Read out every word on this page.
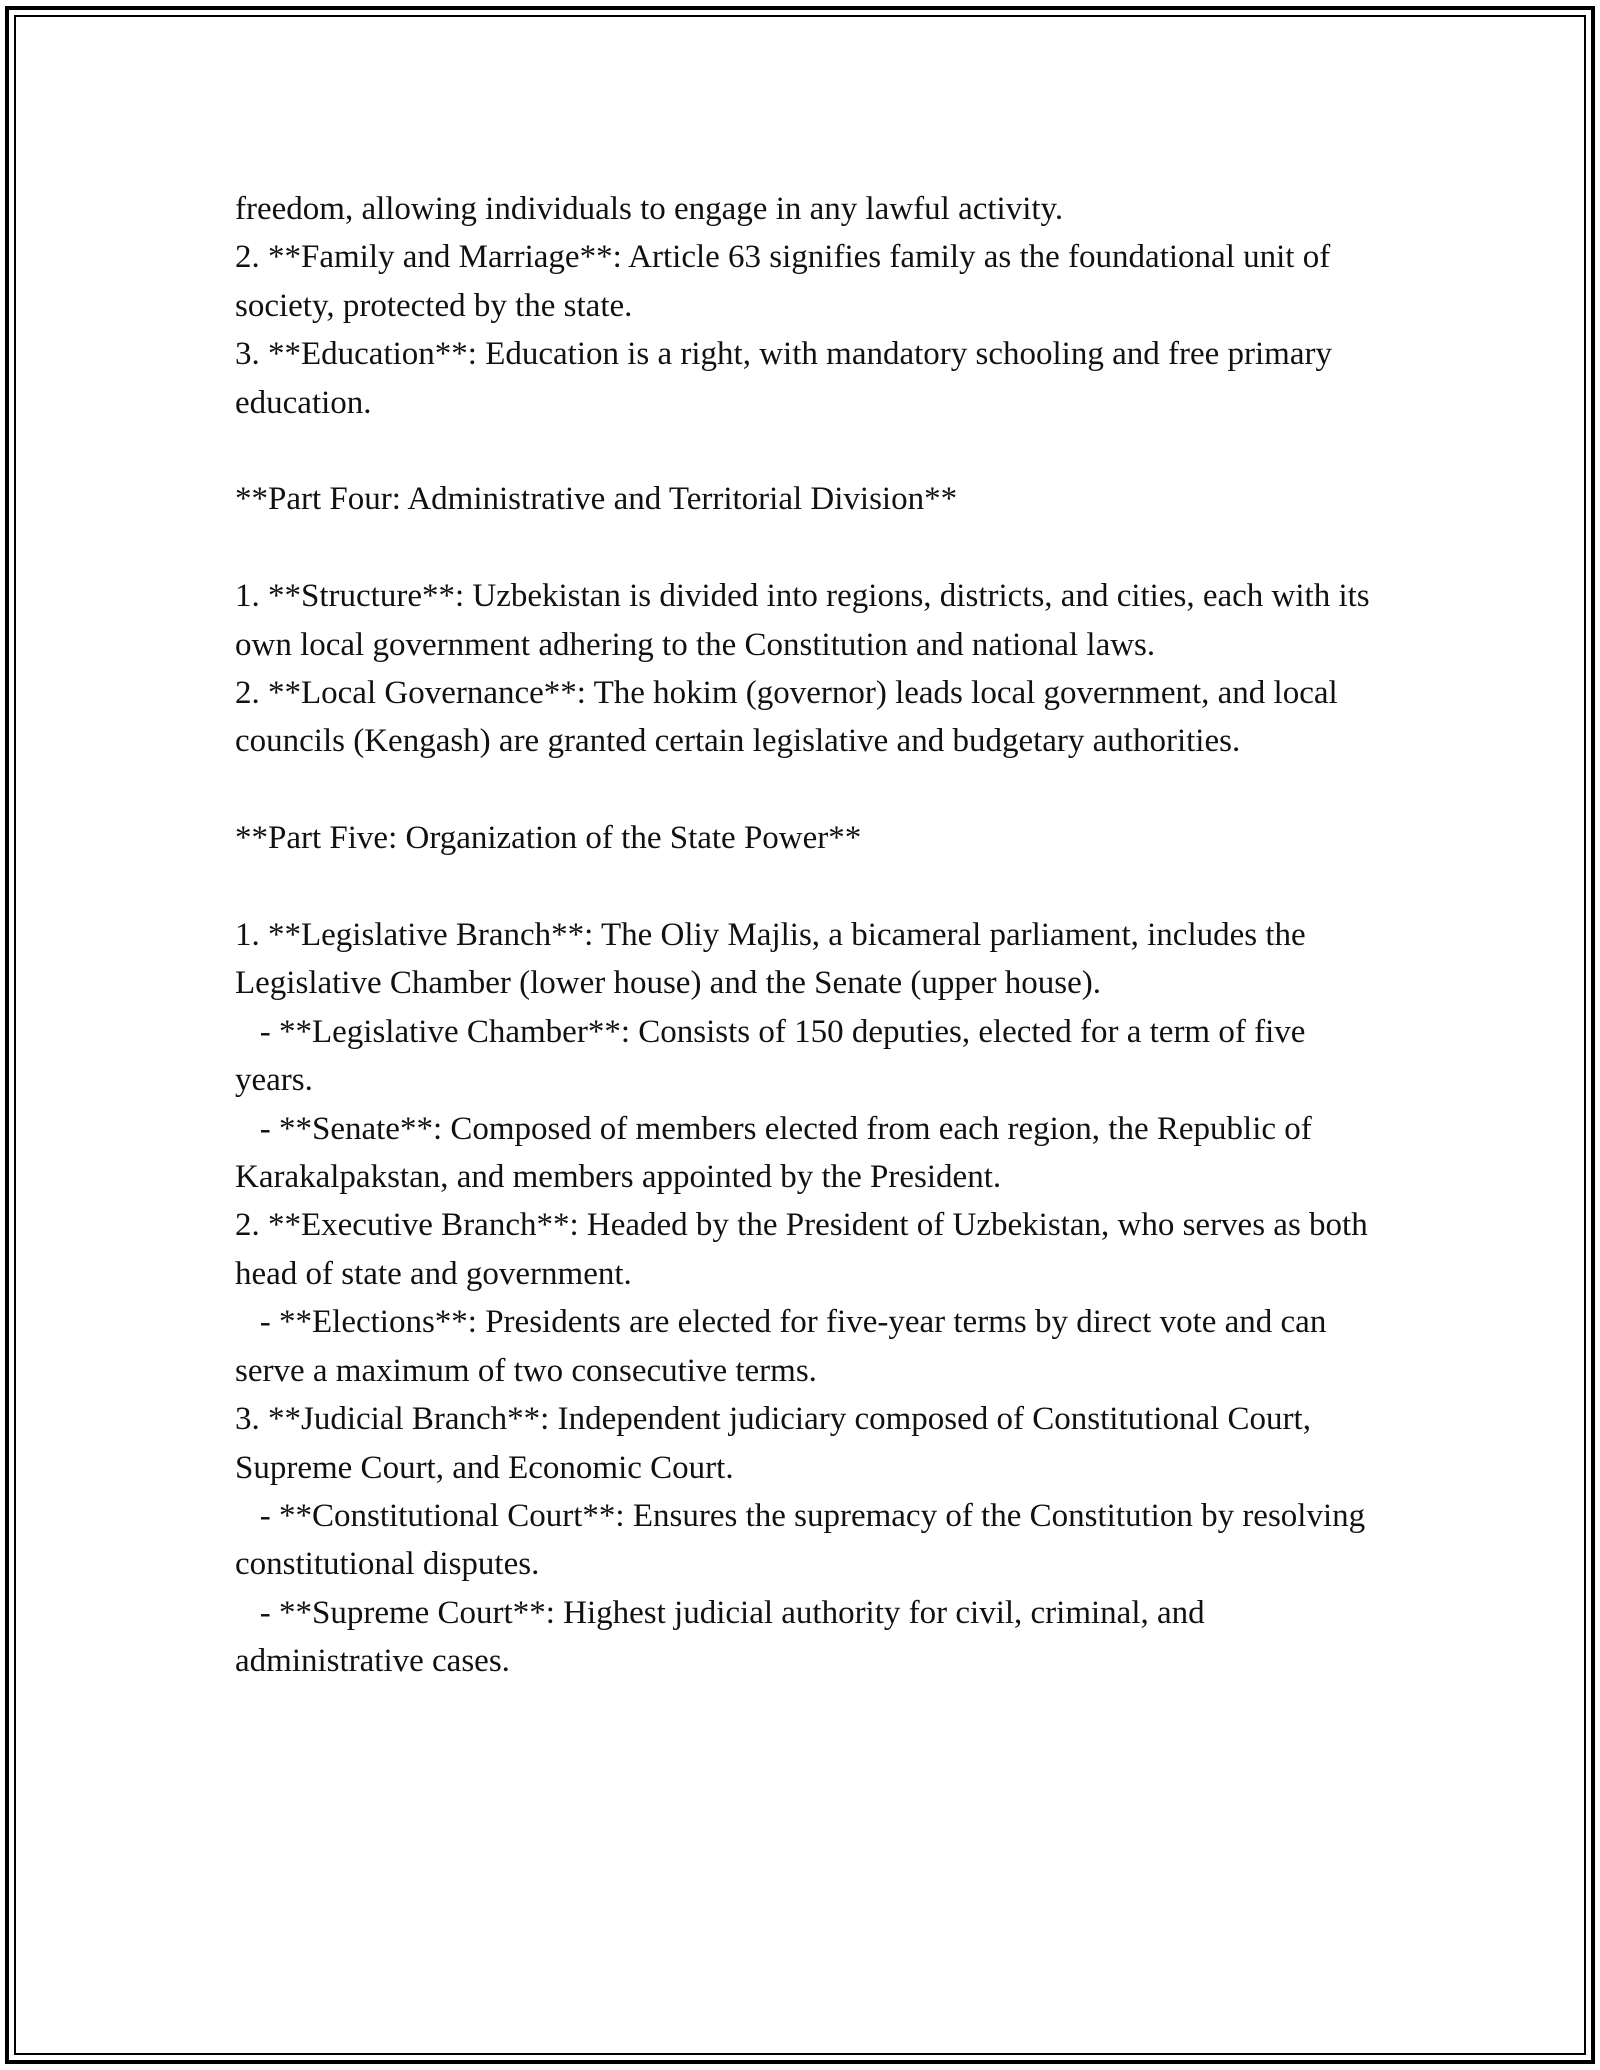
freedom, allowing individuals to engage in any lawful activity.

2. **Family and Marriage**: Article 63 signifies family as the foundational unit of society, protected by the state.

3. **Education**: Education is a right, with mandatory schooling and free primary education.

**Part Four: Administrative and Territorial Division**

1. **Structure**: Uzbekistan is divided into regions, districts, and cities, each with its own local government adhering to the Constitution and national laws.

2. **Local Governance**: The hokim (governor) leads local government, and local councils (Kengash) are granted certain legislative and budgetary authorities.

**Part Five: Organization of the State Power**

1. **Legislative Branch**: The Oliy Majlis, a bicameral parliament, includes the Legislative Chamber (lower house) and the Senate (upper house).

- **Legislative Chamber**: Consists of 150 deputies, elected for a term of five years.

- **Senate**: Composed of members elected from each region, the Republic of Karakalpakstan, and members appointed by the President.

2. **Executive Branch**: Headed by the President of Uzbekistan, who serves as both head of state and government.

- **Elections**: Presidents are elected for five-year terms by direct vote and can serve a maximum of two consecutive terms.

3. **Judicial Branch**: Independent judiciary composed of Constitutional Court, Supreme Court, and Economic Court.

- **Constitutional Court**: Ensures the supremacy of the Constitution by resolving constitutional disputes.

- **Supreme Court**: Highest judicial authority for civil, criminal, and administrative cases.
